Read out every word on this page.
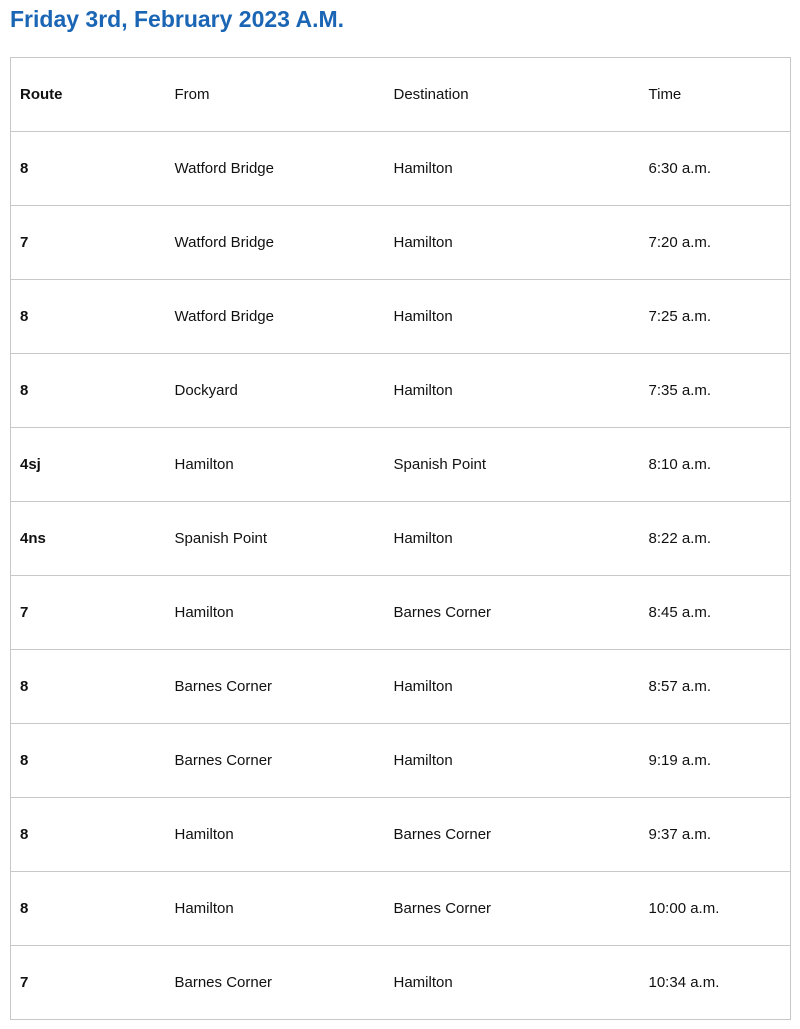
Friday 3rd, February 2023 A.M.
Route	From	Destination	Time
8	Watford Bridge	Hamilton	6:30 a.m.
7	Watford Bridge	Hamilton	7:20 a.m.
8	Watford Bridge	Hamilton	7:25 a.m.
8	Dockyard	Hamilton	7:35 a.m.
4sj	Hamilton	Spanish Point	8:10 a.m.
4ns	Spanish Point	Hamilton	8:22 a.m.
7	Hamilton	Barnes Corner	8:45 a.m.
8	Barnes Corner	Hamilton	8:57 a.m.
8	Barnes Corner	Hamilton	9:19 a.m.
8	Hamilton	Barnes Corner	9:37 a.m.
8	Hamilton	Barnes Corner	10:00 a.m.
7	Barnes Corner	Hamilton	10:34 a.m.
